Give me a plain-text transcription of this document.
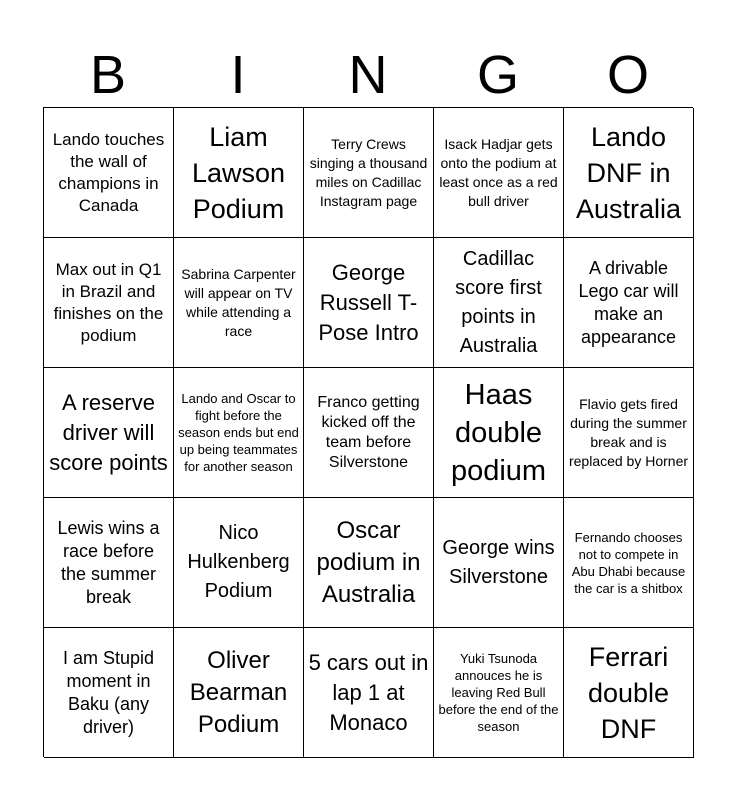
B	I	N	G	O
Lando touches the wall of champions in Canada
Liam Lawson Podium
Terry Crews singing a thousand miles on Cadillac Instagram page
Isack Hadjar gets onto the podium at least once as a red bull driver
Lando DNF in Australia
Max out in Q1 in Brazil and finishes on the podium
Sabrina Carpenter will appear on TV while attending a race
George Russell T-Pose Intro
Cadillac score first points in Australia
A drivable Lego car will make an appearance
A reserve driver will score points
Lando and Oscar to fight before the season ends but end up being teammates for another season
Franco getting kicked off the team before Silverstone
Haas double podium
Flavio gets fired during the summer break and is replaced by Horner
Lewis wins a race before the summer break
Nico Hulkenberg Podium
Oscar podium in Australia
George wins Silverstone
Fernando chooses not to compete in Abu Dhabi because the car is a shitbox
I am Stupid moment in Baku (any driver)
Oliver Bearman Podium
5 cars out in lap 1 at Monaco
Yuki Tsunoda annouces he is leaving Red Bull before the end of the season
Ferrari double DNF
